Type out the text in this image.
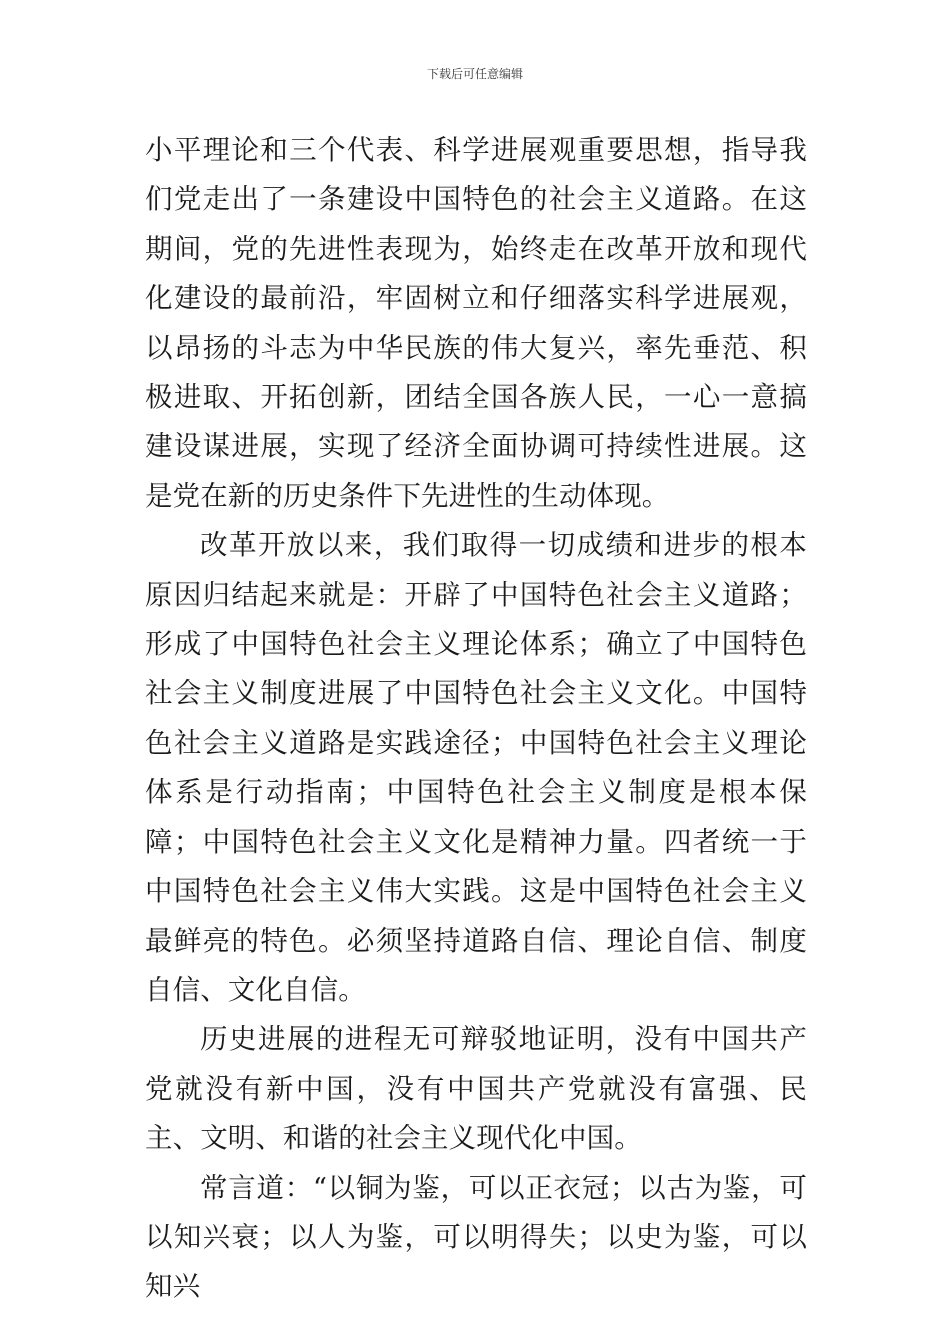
下载后可任意编辑

小平理论和三个代表、科学进展观重要思想，指导我们党走出了一条建设中国特色的社会主义道路。在这期间，党的先进性表现为，始终走在改革开放和现代化建设的最前沿，牢固树立和仔细落实科学进展观，以昂扬的斗志为中华民族的伟大复兴，率先垂范、积极进取、开拓创新，团结全国各族人民，一心一意搞建设谋进展，实现了经济全面协调可持续性进展。这是党在新的历史条件下先进性的生动体现。

改革开放以来，我们取得一切成绩和进步的根本原因归结起来就是：开辟了中国特色社会主义道路；形成了中国特色社会主义理论体系；确立了中国特色社会主义制度进展了中国特色社会主义文化。中国特色社会主义道路是实践途径；中国特色社会主义理论体系是行动指南；中国特色社会主义制度是根本保障；中国特色社会主义文化是精神力量。四者统一于中国特色社会主义伟大实践。这是中国特色社会主义最鲜亮的特色。必须坚持道路自信、理论自信、制度自信、文化自信。

历史进展的进程无可辩驳地证明，没有中国共产党就没有新中国，没有中国共产党就没有富强、民主、文明、和谐的社会主义现代化中国。

常言道：“以铜为鉴，可以正衣冠；以古为鉴，可以知兴衰；以人为鉴，可以明得失；以史为鉴，可以知兴
